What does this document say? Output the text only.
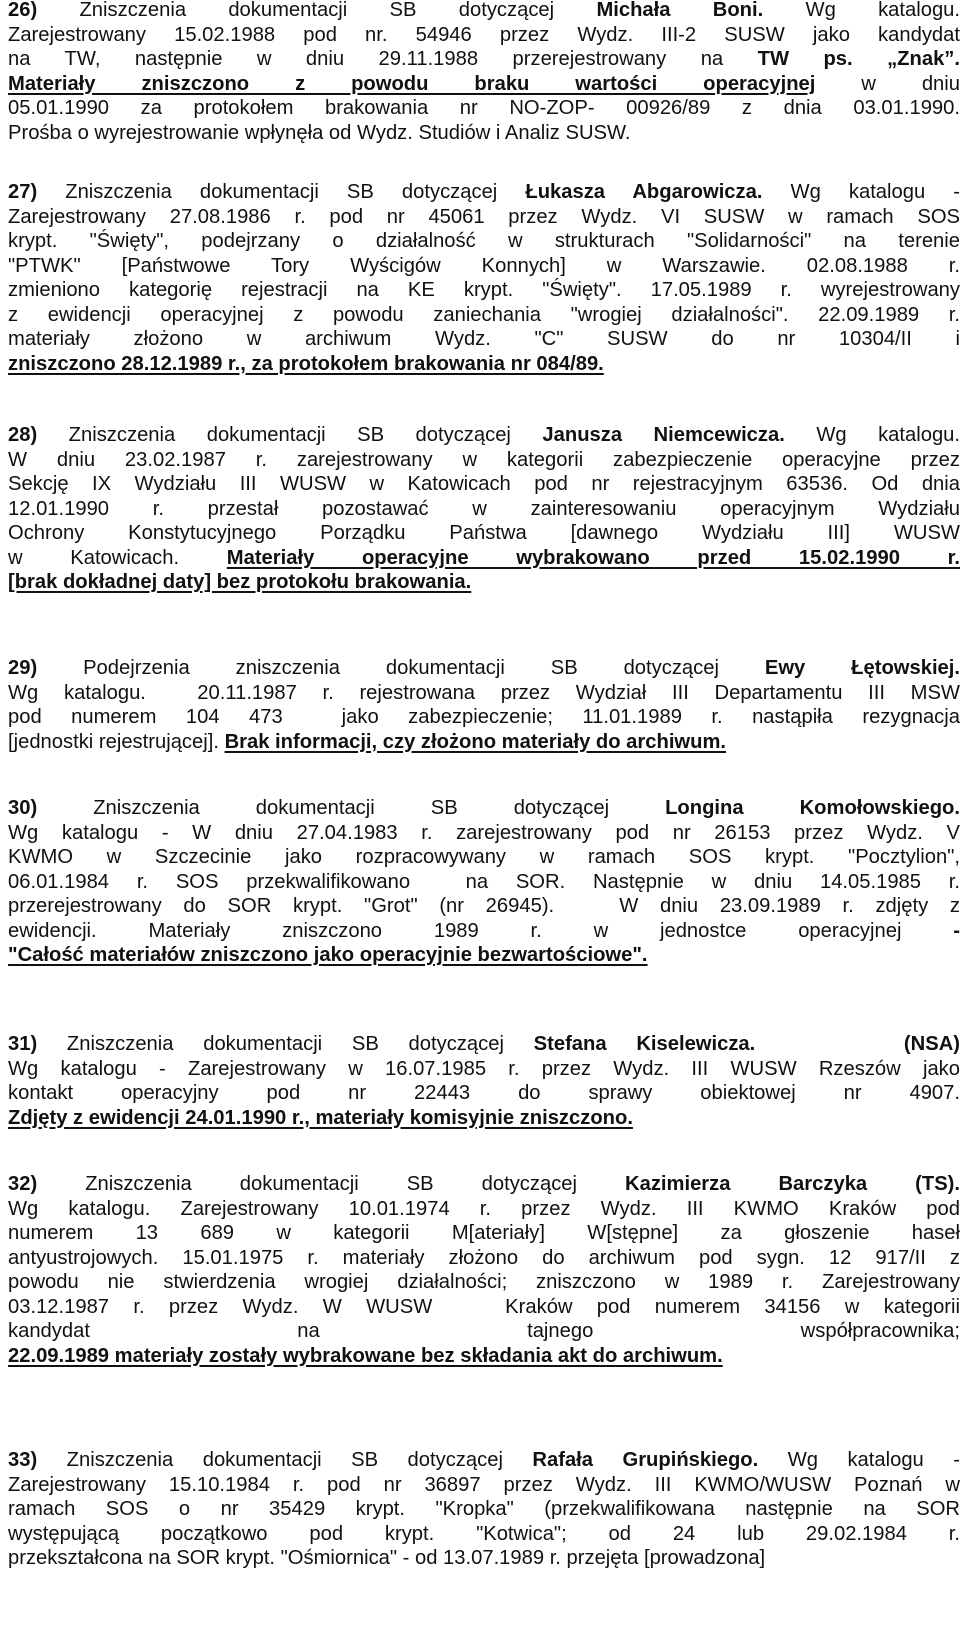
26) Zniszczenia dokumentacji SB dotyczącej Michała Boni. Wg katalogu.
Zarejestrowany 15.02.1988 pod nr. 54946 przez Wydz. III-2 SUSW jako kandydat
na TW, następnie w dniu 29.11.1988 przerejestrowany na TW ps. „Znak”.
Materiały zniszczono z powodu braku wartości operacyjnej w dniu
05.01.1990 za protokołem brakowania nr NO-ZOP- 00926/89 z dnia 03.01.1990.
Prośba o wyrejestrowanie wpłynęła od Wydz. Studiów i Analiz SUSW.
27) Zniszczenia dokumentacji SB dotyczącej Łukasza Abgarowicza. Wg katalogu -
Zarejestrowany 27.08.1986 r. pod nr 45061 przez Wydz. VI SUSW w ramach SOS
krypt. "Święty", podejrzany o działalność w strukturach "Solidarności" na terenie
"PTWK" [Państwowe Tory Wyścigów Konnych] w Warszawie. 02.08.1988 r.
zmieniono kategorię rejestracji na KE krypt. "Święty". 17.05.1989 r. wyrejestrowany
z ewidencji operacyjnej z powodu zaniechania "wrogiej działalności". 22.09.1989 r.
materiały złożono w archiwum Wydz. "C" SUSW do nr 10304/II i
zniszczono 28.12.1989 r., za protokołem brakowania nr 084/89.
28) Zniszczenia dokumentacji SB dotyczącej Janusza Niemcewicza. Wg katalogu.
W dniu 23.02.1987 r. zarejestrowany w kategorii zabezpieczenie operacyjne przez
Sekcję IX Wydziału III WUSW w Katowicach pod nr rejestracyjnym 63536. Od dnia
12.01.1990 r. przestał pozostawać w zainteresowaniu operacyjnym Wydziału
Ochrony Konstytucyjnego Porządku Państwa [dawnego Wydziału III] WUSW
w Katowicach. Materiały operacyjne wybrakowano przed 15.02.1990 r.
[brak dokładnej daty] bez protokołu brakowania.
29) Podejrzenia zniszczenia dokumentacji SB dotyczącej Ewy Łętowskiej.
Wg katalogu.  20.11.1987 r. rejestrowana przez Wydział III Departamentu III MSW
pod numerem 104 473  jako zabezpieczenie; 11.01.1989 r. nastąpiła rezygnacja
[jednostki rejestrującej]. Brak informacji, czy złożono materiały do archiwum.
30) Zniszczenia dokumentacji SB dotyczącej Longina Komołowskiego.
Wg katalogu - W dniu 27.04.1983 r. zarejestrowany pod nr 26153 przez Wydz. V
KWMO w Szczecinie jako rozpracowywany w ramach SOS krypt. "Pocztylion",
06.01.1984 r. SOS przekwalifikowano  na SOR. Następnie w dniu 14.05.1985 r.
przerejestrowany do SOR krypt. "Grot" (nr 26945).   W dniu 23.09.1989 r. zdjęty z
ewidencji. Materiały zniszczono 1989 r. w jednostce operacyjnej -
"Całość materiałów zniszczono jako operacyjnie bezwartościowe".
31) Zniszczenia dokumentacji SB dotyczącej Stefana Kiselewicza.	(NSA)
Wg katalogu - Zarejestrowany w 16.07.1985 r. przez Wydz. III WUSW Rzeszów jako
kontakt operacyjny pod nr 22443 do sprawy obiektowej nr 4907.
Zdjęty z ewidencji 24.01.1990 r., materiały komisyjnie zniszczono.
32) Zniszczenia dokumentacji SB dotyczącej Kazimierza Barczyka (TS).
Wg katalogu. Zarejestrowany 10.01.1974 r. przez Wydz. III KWMO Kraków pod
numerem 13 689 w kategorii M[ateriały] W[stępne] za głoszenie haseł
antyustrojowych. 15.01.1975 r. materiały złożono do archiwum pod sygn. 12 917/II z
powodu nie stwierdzenia wrogiej działalności; zniszczono w 1989 r. Zarejestrowany
03.12.1987 r. przez Wydz. W WUSW   Kraków pod numerem 34156 w kategorii
kandydat na tajnego współpracownika;
22.09.1989 materiały zostały wybrakowane bez składania akt do archiwum.
33) Zniszczenia dokumentacji SB dotyczącej Rafała Grupińskiego. Wg katalogu -
Zarejestrowany 15.10.1984 r. pod nr 36897 przez Wydz. III KWMO/WUSW Poznań w
ramach SOS o nr 35429 krypt. "Kropka" (przekwalifikowana następnie na SOR
występującą początkowo pod krypt. "Kotwica"; od 24 lub 29.02.1984 r.
przekształcona na SOR krypt. "Ośmiornica" - od 13.07.1989 r. przejęta [prowadzona]
